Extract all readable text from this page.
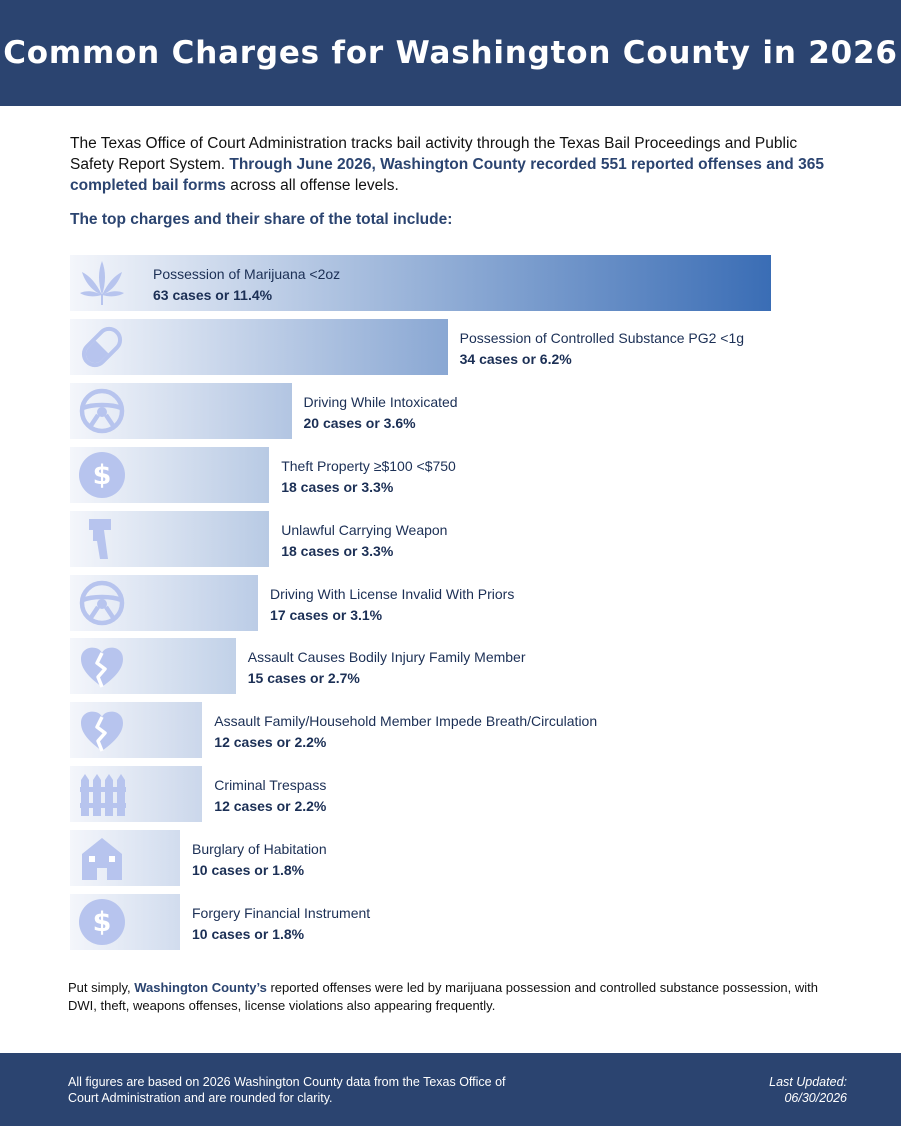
Common Charges for Washington County in 2026
The Texas Office of Court Administration tracks bail activity through the Texas Bail Proceedings and Public Safety Report System. Through June 2026, Washington County recorded 551 reported offenses and 365 completed bail forms across all offense levels.
The top charges and their share of the total include:
Possession of Marijuana <2oz
63 cases or 11.4%
Possession of Controlled Substance PG2 <1g
34 cases or 6.2%
Driving While Intoxicated
20 cases or 3.6%
$	Theft Property ≥$100 <$750
18 cases or 3.3%
Unlawful Carrying Weapon
18 cases or 3.3%
Driving With License Invalid With Priors
17 cases or 3.1%
Assault Causes Bodily Injury Family Member
15 cases or 2.7%
Assault Family/Household Member Impede Breath/Circulation
12 cases or 2.2%
Criminal Trespass
12 cases or 2.2%
Burglary of Habitation
10 cases or 1.8%
$	Forgery Financial Instrument
10 cases or 1.8%
Put simply, Washington County’s reported offenses were led by marijuana possession and controlled substance possession, with DWI, theft, weapons offenses, license violations also appearing frequently.
All figures are based on 2026 Washington County data from the Texas Office of Court Administration and are rounded for clarity.
Last Updated:
06/30/2026
